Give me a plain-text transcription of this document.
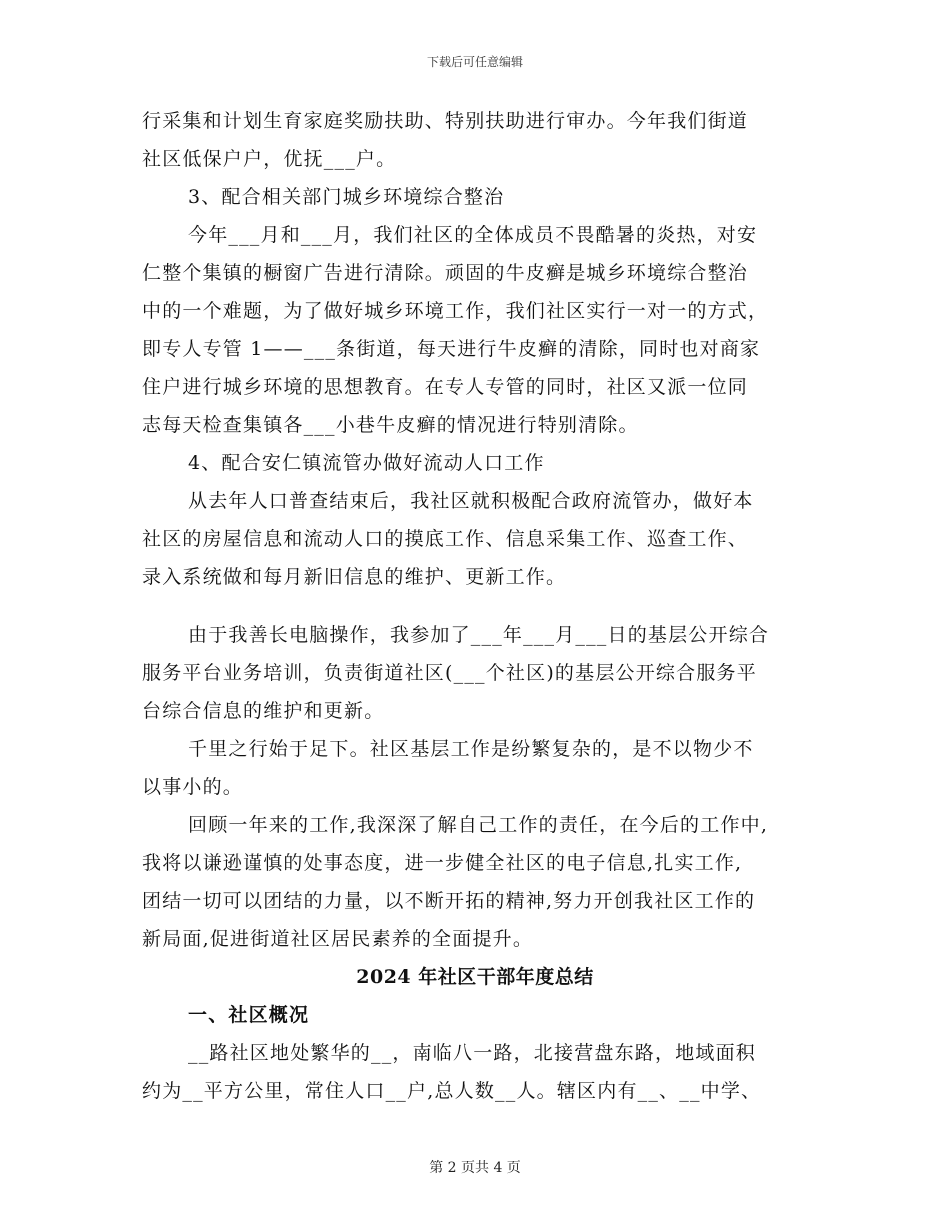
下载后可任意编辑
行采集和计划生育家庭奖励扶助、特别扶助进行审办。今年我们街道
社区低保户户，优抚___户。
3、配合相关部门城乡环境综合整治
今年___月和___月，我们社区的全体成员不畏酷暑的炎热，对安
仁整个集镇的橱窗广告进行清除。顽固的牛皮癣是城乡环境综合整治
中的一个难题，为了做好城乡环境工作，我们社区实行一对一的方式，
即专人专管 1——___条街道，每天进行牛皮癣的清除，同时也对商家
住户进行城乡环境的思想教育。在专人专管的同时，社区又派一位同
志每天检查集镇各___小巷牛皮癣的情况进行特别清除。
4、配合安仁镇流管办做好流动人口工作
从去年人口普查结束后，我社区就积极配合政府流管办，做好本
社区的房屋信息和流动人口的摸底工作、信息采集工作、巡查工作、
录入系统做和每月新旧信息的维护、更新工作。
由于我善长电脑操作，我参加了___年___月___日的基层公开综合
服务平台业务培训，负责街道社区(___个社区)的基层公开综合服务平
台综合信息的维护和更新。
千里之行始于足下。社区基层工作是纷繁复杂的，是不以物少不
以事小的。
回顾一年来的工作,我深深了解自己工作的责任，在今后的工作中,
我将以谦逊谨慎的处事态度，进一步健全社区的电子信息,扎实工作,
团结一切可以团结的力量，以不断开拓的精神,努力开创我社区工作的
新局面,促进街道社区居民素养的全面提升。
2024 年社区干部年度总结
一、社区概况
__路社区地处繁华的__，南临八一路，北接营盘东路，地域面积
约为__平方公里，常住人口__户,总人数__人。辖区内有__、__中学、
第 2 页共 4 页
